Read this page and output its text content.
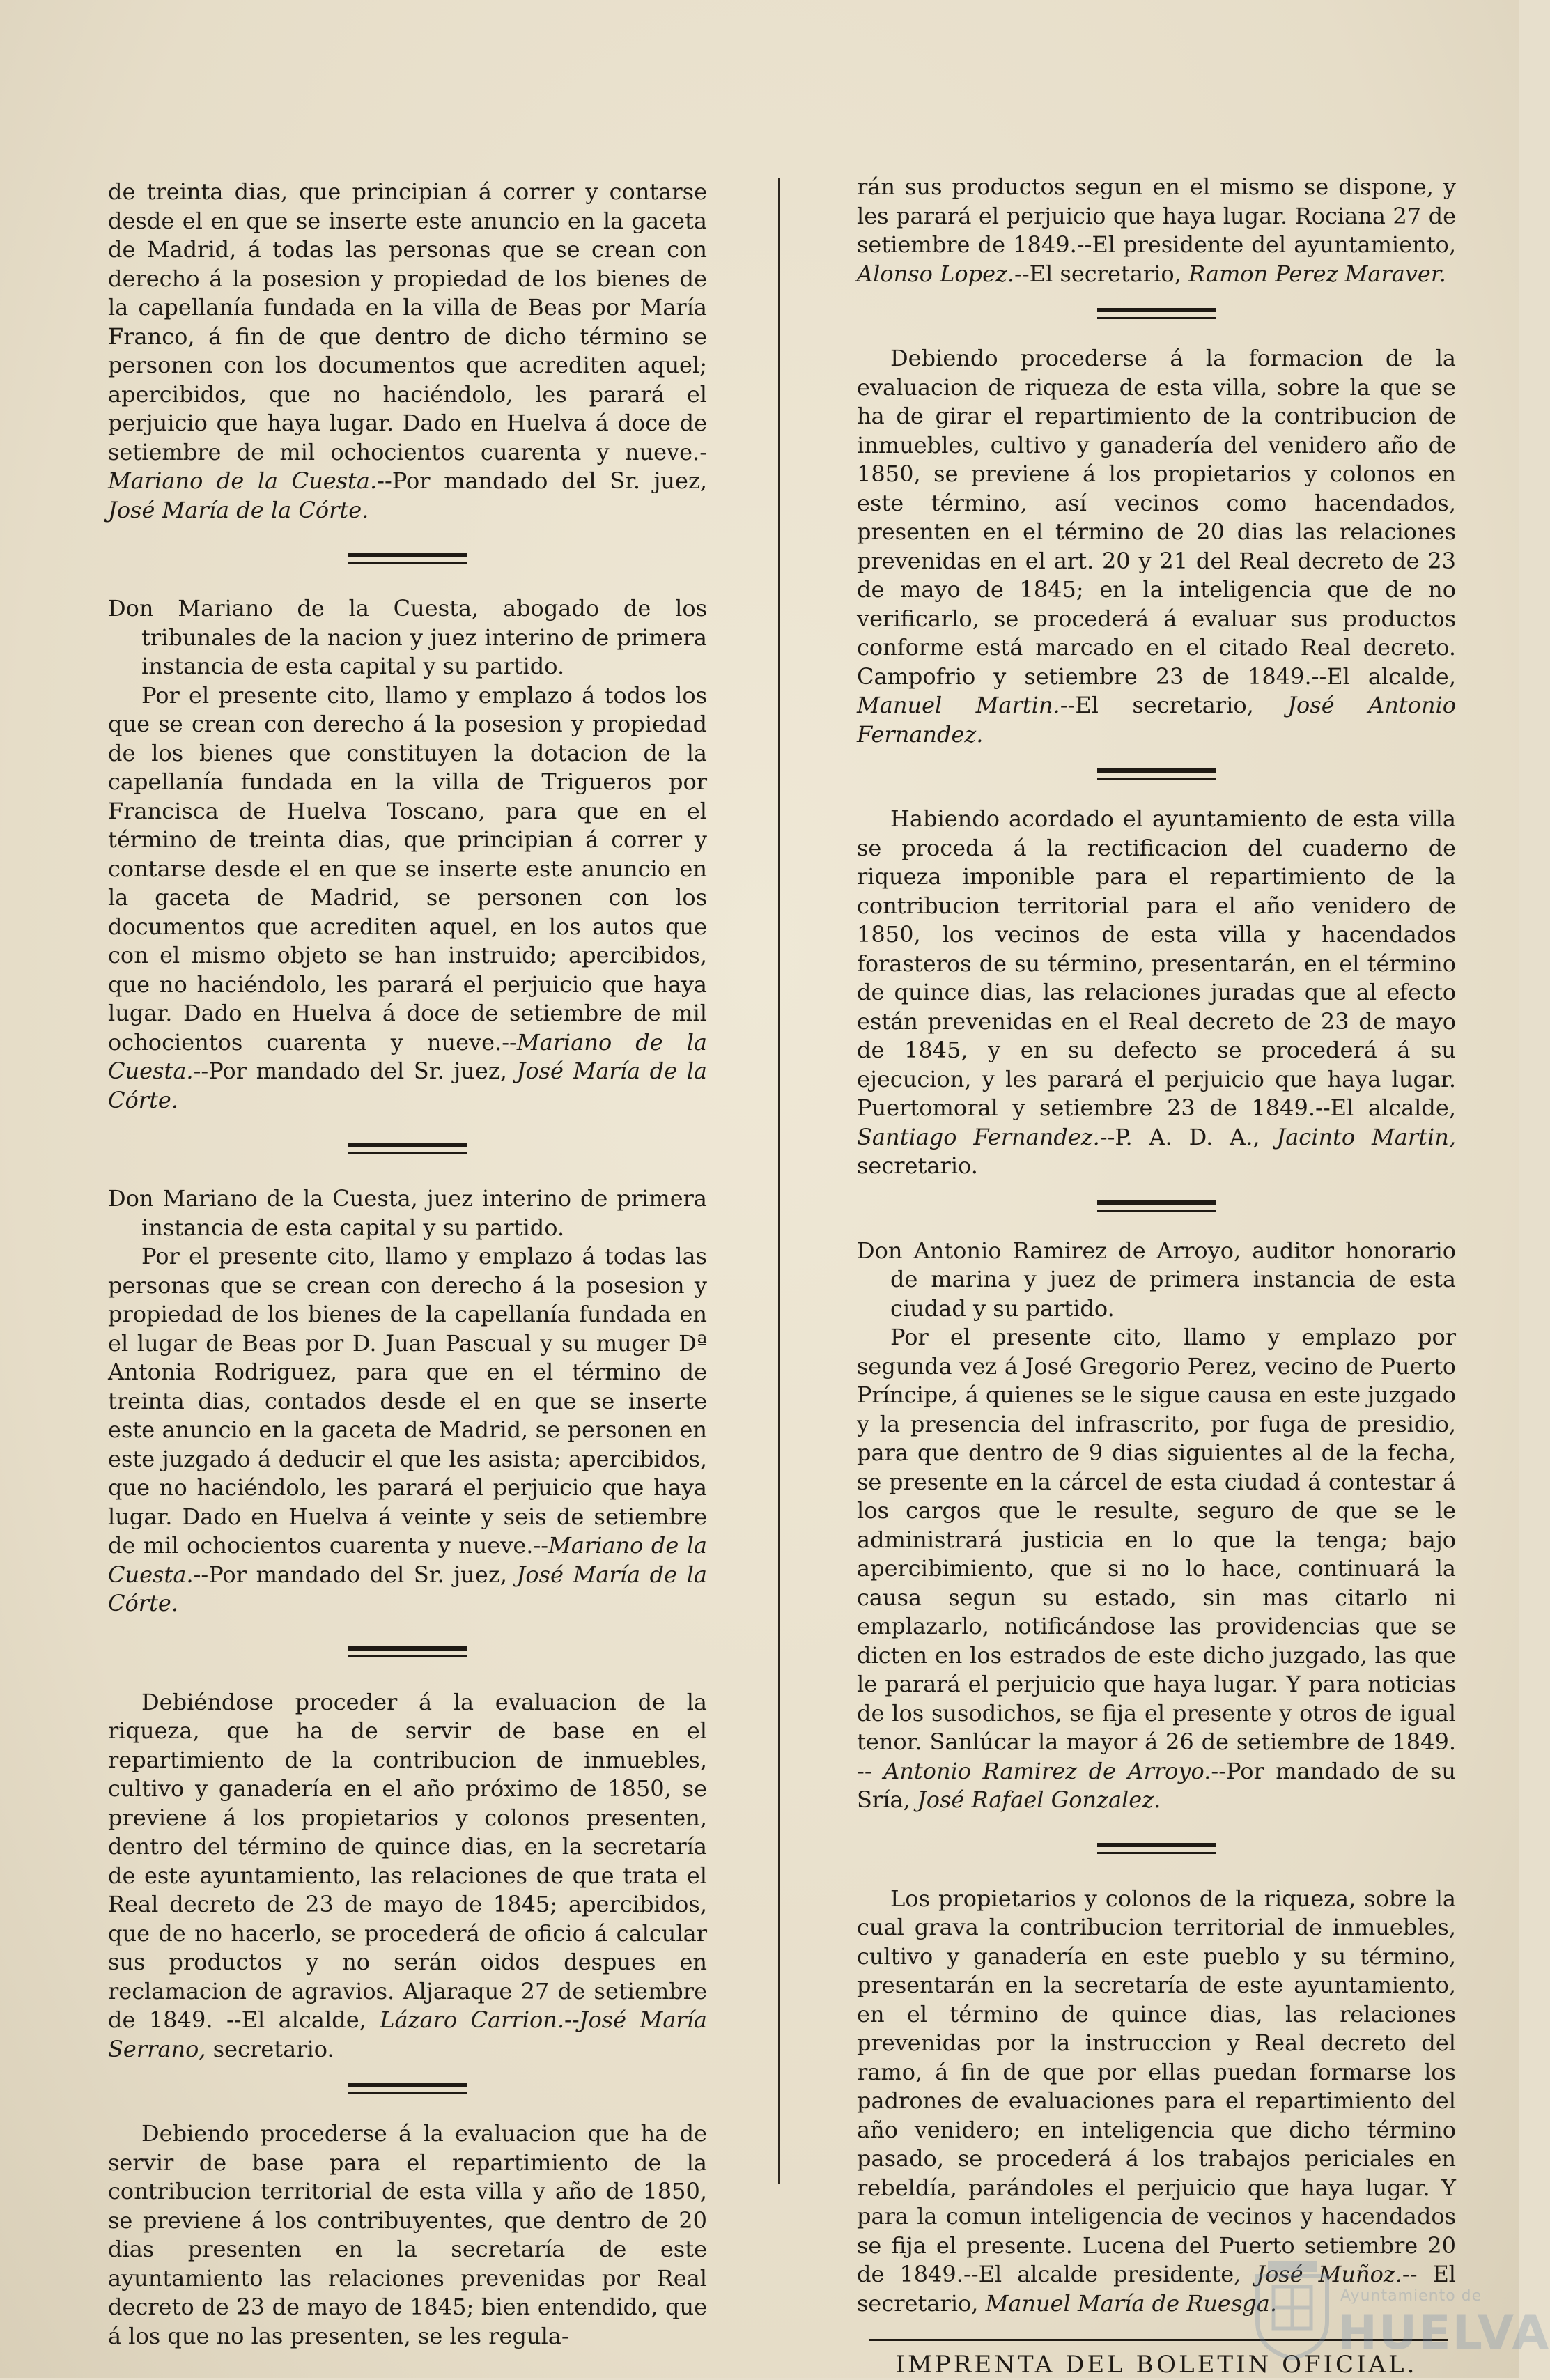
de treinta dias, que principian á correr y contarse desde el en que se inserte este anuncio en la gaceta de Madrid, á todas las personas que se crean con derecho á la posesion y propiedad de los bienes de la capellanía fundada en la villa de Beas por María Franco, á fin de que dentro de dicho término se personen con los documentos que acrediten aquel; apercibidos, que no haciéndolo, les parará el perjuicio que haya lugar. Dado en Huelva á doce de setiembre de mil ochocientos cuarenta y nueve.- Mariano de la Cuesta.--Por mandado del Sr. juez, José María de la Córte.

Don Mariano de la Cuesta, abogado de los tribunales de la nacion y juez interino de primera instancia de esta capital y su partido.

Por el presente cito, llamo y emplazo á todos los que se crean con derecho á la posesion y propiedad de los bienes que constituyen la dotacion de la capellanía fundada en la villa de Trigueros por Francisca de Huelva Toscano, para que en el término de treinta dias, que principian á correr y contarse desde el en que se inserte este anuncio en la gaceta de Madrid, se personen con los documentos que acrediten aquel, en los autos que con el mismo objeto se han instruido; apercibidos, que no haciéndolo, les parará el perjuicio que haya lugar. Dado en Huelva á doce de setiembre de mil ochocientos cuarenta y nueve.--Mariano de la Cuesta.--Por mandado del Sr. juez, José María de la Córte.

Don Mariano de la Cuesta, juez interino de primera instancia de esta capital y su partido.

Por el presente cito, llamo y emplazo á todas las personas que se crean con derecho á la posesion y propiedad de los bienes de la capellanía fundada en el lugar de Beas por D. Juan Pascual y su muger Dª Antonia Rodriguez, para que en el término de treinta dias, contados desde el en que se inserte este anuncio en la gaceta de Madrid, se personen en este juzgado á deducir el que les asista; apercibidos, que no haciéndolo, les parará el perjuicio que haya lugar. Dado en Huelva á veinte y seis de setiembre de mil ochocientos cuarenta y nueve.--Mariano de la Cuesta.--Por mandado del Sr. juez, José María de la Córte.

Debiéndose proceder á la evaluacion de la riqueza, que ha de servir de base en el repartimiento de la contribucion de inmuebles, cultivo y ganadería en el año próximo de 1850, se previene á los propietarios y colonos presenten, dentro del término de quince dias, en la secretaría de este ayuntamiento, las relaciones de que trata el Real decreto de 23 de mayo de 1845; apercibidos, que de no hacerlo, se procederá de oficio á calcular sus productos y no serán oidos despues en reclamacion de agravios. Aljaraque 27 de setiembre de 1849. --El alcalde, Lázaro Carrion.--José María Serrano, secretario.

Debiendo procederse á la evaluacion que ha de servir de base para el repartimiento de la contribucion territorial de esta villa y año de 1850, se previene á los contribuyentes, que dentro de 20 dias presenten en la secretaría de este ayuntamiento las relaciones prevenidas por Real decreto de 23 de mayo de 1845; bien entendido, que á los que no las presenten, se les regula-

rán sus productos segun en el mismo se dispone, y les parará el perjuicio que haya lugar. Rociana 27 de setiembre de 1849.--El presidente del ayuntamiento, Alonso Lopez.--El secretario, Ramon Perez Maraver.

Debiendo procederse á la formacion de la evaluacion de riqueza de esta villa, sobre la que se ha de girar el repartimiento de la contribucion de inmuebles, cultivo y ganadería del venidero año de 1850, se previene á los propietarios y colonos en este término, así vecinos como hacendados, presenten en el término de 20 dias las relaciones prevenidas en el art. 20 y 21 del Real decreto de 23 de mayo de 1845; en la inteligencia que de no verificarlo, se procederá á evaluar sus productos conforme está marcado en el citado Real decreto. Campofrio y setiembre 23 de 1849.--El alcalde, Manuel Martin.--El secretario, José Antonio Fernandez.

Habiendo acordado el ayuntamiento de esta villa se proceda á la rectificacion del cuaderno de riqueza imponible para el repartimiento de la contribucion territorial para el año venidero de 1850, los vecinos de esta villa y hacendados forasteros de su término, presentarán, en el término de quince dias, las relaciones juradas que al efecto están prevenidas en el Real decreto de 23 de mayo de 1845, y en su defecto se procederá á su ejecucion, y les parará el perjuicio que haya lugar. Puertomoral y setiembre 23 de 1849.--El alcalde, Santiago Fernandez.--P. A. D. A., Jacinto Martin, secretario.

Don Antonio Ramirez de Arroyo, auditor honorario de marina y juez de primera instancia de esta ciudad y su partido.

Por el presente cito, llamo y emplazo por segunda vez á José Gregorio Perez, vecino de Puerto Príncipe, á quienes se le sigue causa en este juzgado y la presencia del infrascrito, por fuga de presidio, para que dentro de 9 dias siguientes al de la fecha, se presente en la cárcel de esta ciudad á contestar á los cargos que le resulte, seguro de que se le administrará justicia en lo que la tenga; bajo apercibimiento, que si no lo hace, continuará la causa segun su estado, sin mas citarlo ni emplazarlo, notificándose las providencias que se dicten en los estrados de este dicho juzgado, las que le parará el perjuicio que haya lugar. Y para noticias de los susodichos, se fija el presente y otros de igual tenor. Sanlúcar la mayor á 26 de setiembre de 1849. -- Antonio Ramirez de Arroyo.--Por mandado de su Sría, José Rafael Gonzalez.

Los propietarios y colonos de la riqueza, sobre la cual grava la contribucion territorial de inmuebles, cultivo y ganadería en este pueblo y su término, presentarán en la secretaría de este ayuntamiento, en el término de quince dias, las relaciones prevenidas por la instruccion y Real decreto del ramo, á fin de que por ellas puedan formarse los padrones de evaluaciones para el repartimiento del año venidero; en inteligencia que dicho término pasado, se procederá á los trabajos periciales en rebeldía, parándoles el perjuicio que haya lugar. Y para la comun inteligencia de vecinos y hacendados se fija el presente. Lucena del Puerto setiembre 20 de 1849.--El alcalde presidente, José Muñoz.-- El secretario, Manuel María de Ruesga.

IMPRENTA DEL BOLETIN OFICIAL.

Ayuntamiento de
HUELVA
